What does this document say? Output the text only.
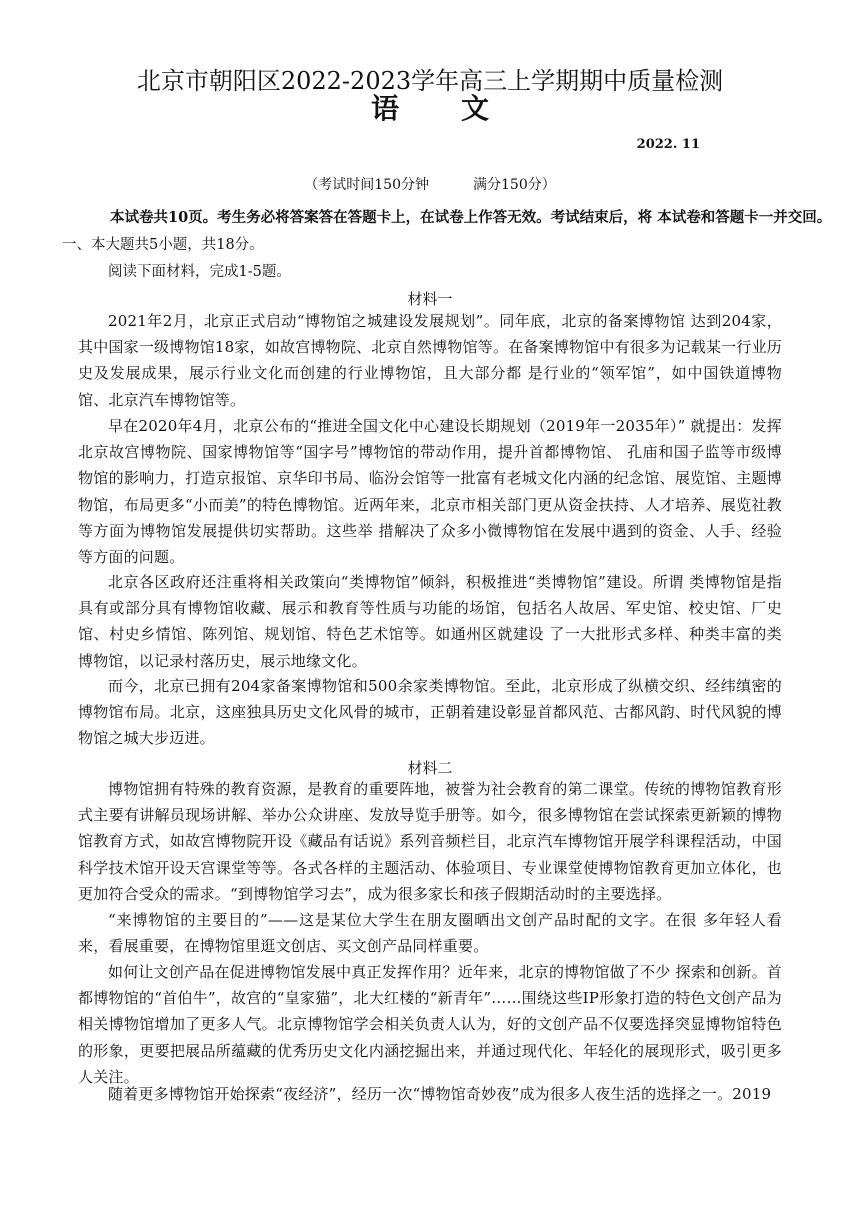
北京市朝阳区2022-2023学年高三上学期期中质量检测
语 文
2022. 11
（考试时间150分钟	满分150分）
本试卷共10页。考生务必将答案答在答题卡上，在试卷上作答无效。考试结束后，将 本试卷和答题卡一并交回。
一、本大题共5小题，共18分。
阅读下面材料，完成1-5题。
材料一
2021年2月，北京正式启动“博物馆之城建设发展规划”。同年底，北京的备案博物馆 达到204家，其中国家一级博物馆18家，如故宫博物院、北京自然博物馆等。在备案博物馆中有很多为记载某一行业历史及发展成果，展示行业文化而创建的行业博物馆，且大部分都 是行业的“领军馆”，如中国铁道博物馆、北京汽车博物馆等。
早在2020年4月，北京公布的“推进全国文化中心建设长期规划（2019年一2035年）” 就提出：发挥北京故宫博物院、国家博物馆等“国字号”博物馆的带动作用，提升首都博物馆、 孔庙和国子监等市级博物馆的影响力，打造京报馆、京华印书局、临汾会馆等一批富有老城文化内涵的纪念馆、展览馆、主题博物馆，布局更多“小而美”的特色博物馆。近两年来，北京市相关部门更从资金扶持、人才培养、展览社教等方面为博物馆发展提供切实帮助。这些举 措解决了众多小微博物馆在发展中遇到的资金、人手、经验等方面的问题。
北京各区政府还注重将相关政策向“类博物馆”倾斜，积极推进“类博物馆”建设。所谓 类博物馆是指具有或部分具有博物馆收藏、展示和教育等性质与功能的场馆，包括名人故居、军史馆、校史馆、厂史馆、村史乡情馆、陈列馆、规划馆、特色艺术馆等。如通州区就建设 了一大批形式多样、种类丰富的类博物馆，以记录村落历史，展示地缘文化。
而今，北京已拥有204家备案博物馆和500余家类博物馆。至此，北京形成了纵横交织、经纬缜密的博物馆布局。北京，这座独具历史文化风骨的城市，正朝着建设彰显首都风范、古都风韵、时代风貌的博物馆之城大步迈进。
材料二
博物馆拥有特殊的教育资源，是教育的重要阵地，被誉为社会教育的第二课堂。传统的博物馆教育形式主要有讲解员现场讲解、举办公众讲座、发放导览手册等。如今，很多博物馆在尝试探索更新颖的博物馆教育方式，如故宫博物院开设《藏品有话说》系列音频栏目，北京汽车博物馆开展学科课程活动，中国科学技术馆开设天宫课堂等等。各式各样的主题活动、体验项目、专业课堂使博物馆教育更加立体化，也更加符合受众的需求。“到博物馆学习去”，成为很多家长和孩子假期活动时的主要选择。
“来博物馆的主要目的”——这是某位大学生在朋友圈晒出文创产品时配的文字。在很 多年轻人看来，看展重要，在博物馆里逛文创店、买文创产品同样重要。
如何让文创产品在促进博物馆发展中真正发挥作用？近年来，北京的博物馆做了不少 探索和创新。首都博物馆的“首伯牛”，故宫的“皇家猫”，北大红楼的“新青年”……围绕这些IP形象打造的特色文创产品为相关博物馆增加了更多人气。北京博物馆学会相关负责人认为，好的文创产品不仅要选择突显博物馆特色的形象，更要把展品所蕴藏的优秀历史文化内涵挖掘出来，并通过现代化、年轻化的展现形式，吸引更多人关注。
随着更多博物馆开始探索“夜经济”，经历一次“博物馆奇妙夜”成为很多人夜生活的选择之一。2019
